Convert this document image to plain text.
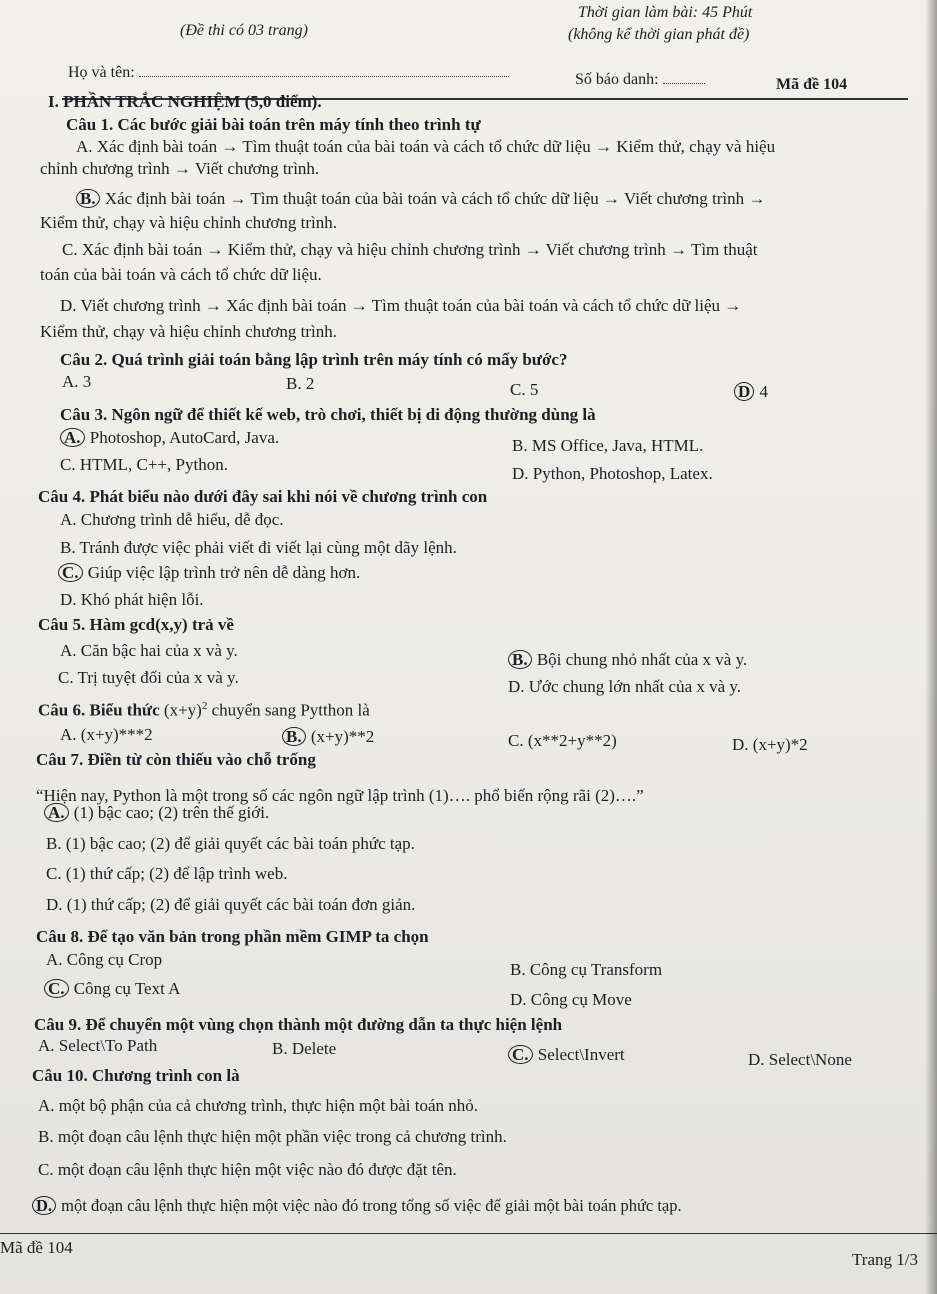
Thời gian làm bài: 45 Phút
(Đề thi có 03 trang)	(không kể thời gian phát đề)
Họ và tên:	Số báo danh:	Mã đề 104
I. PHẦN TRẮC NGHIỆM (5,0 điểm).
Câu 1. Các bước giải bài toán trên máy tính theo trình tự
A. Xác định bài toán → Tìm thuật toán của bài toán và cách tổ chức dữ liệu → Kiểm thử, chạy và hiệu
chỉnh chương trình → Viết chương trình.
B. Xác định bài toán → Tìm thuật toán của bài toán và cách tổ chức dữ liệu → Viết chương trình →
Kiểm thử, chạy và hiệu chỉnh chương trình.
C. Xác định bài toán → Kiểm thử, chạy và hiệu chỉnh chương trình → Viết chương trình → Tìm thuật
toán của bài toán và cách tổ chức dữ liệu.
D. Viết chương trình → Xác định bài toán → Tìm thuật toán của bài toán và cách tổ chức dữ liệu →
Kiểm thử, chạy và hiệu chỉnh chương trình.
Câu 2. Quá trình giải toán bằng lập trình trên máy tính có mấy bước?
A. 3	B. 2	C. 5	D 4
Câu 3. Ngôn ngữ để thiết kế web, trò chơi, thiết bị di động thường dùng là
A. Photoshop, AutoCard, Java.	B. MS Office, Java, HTML.
C. HTML, C++, Python.	D. Python, Photoshop, Latex.
Câu 4. Phát biểu nào dưới đây sai khi nói về chương trình con
A. Chương trình dễ hiểu, dễ đọc.
B. Tránh được việc phải viết đi viết lại cùng một dãy lệnh.
C. Giúp việc lập trình trở nên dễ dàng hơn.
D. Khó phát hiện lỗi.
Câu 5. Hàm gcd(x,y) trả về
A. Căn bậc hai của x và y.	B. Bội chung nhỏ nhất của x và y.
C. Trị tuyệt đối của x và y.	D. Ước chung lớn nhất của x và y.
Câu 6. Biểu thức $(x+y)^2$ chuyển sang Pytthon là
A. (x+y)***2	B. (x+y)**2	C. (x**2+y**2)	D. (x+y)*2
Câu 7. Điền từ còn thiếu vào chỗ trống
“Hiện nay, Python là một trong số các ngôn ngữ lập trình (1)…. phổ biến rộng rãi (2)….”
A. (1) bậc cao; (2) trên thế giới.
B. (1) bậc cao; (2) để giải quyết các bài toán phức tạp.
C. (1) thứ cấp; (2) để lập trình web.
D. (1) thứ cấp; (2) để giải quyết các bài toán đơn giản.
Câu 8. Để tạo văn bản trong phần mềm GIMP ta chọn
A. Công cụ Crop
B. Công cụ Transform
C. Công cụ Text A
D. Công cụ Move
Câu 9. Để chuyển một vùng chọn thành một đường dẫn ta thực hiện lệnh
A. Select\To Path	B. Delete	C. Select\Invert	D. Select\None
Câu 10. Chương trình con là
A. một bộ phận của cả chương trình, thực hiện một bài toán nhỏ.
B. một đoạn câu lệnh thực hiện một phần việc trong cả chương trình.
C. một đoạn câu lệnh thực hiện một việc nào đó được đặt tên.
D. một đoạn câu lệnh thực hiện một việc nào đó trong tổng số việc để giải một bài toán phức tạp.
Mã đề 104
Trang 1/3
